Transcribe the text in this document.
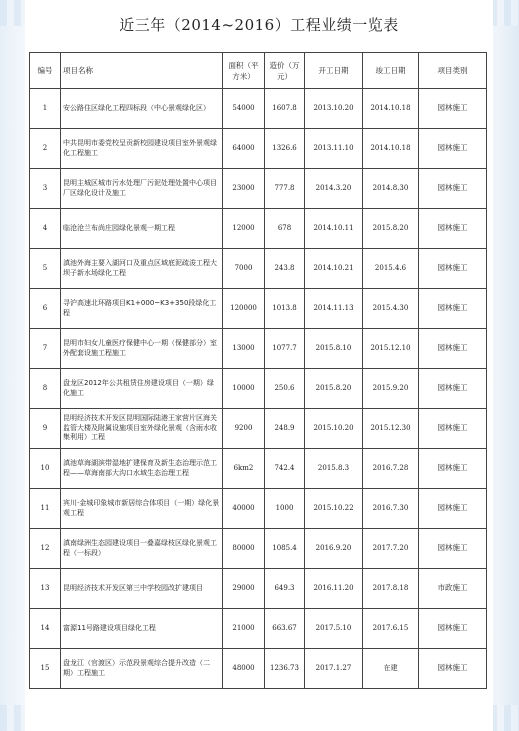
近三年（2014~2016）工程业绩一览表
编号	项目名称	面积（平方米）	造价（万元）	开工日期	竣工日期	项目类别
1	安公路住区绿化工程四标段（中心景观绿化区）	54000	1607.8	2013.10.20	2014.10.18	园林施工
2	中共昆明市委党校呈贡新校园建设项目室外景观绿化工程施工	64000	1326.6	2013.11.10	2014.10.18	园林施工
3	昆明主城区城市污水处理厂污泥处理处置中心项目厂区绿化设计及施工	23000	777.8	2014.3.20	2014.8.30	园林施工
4	临沧沧兰布尚庄园绿化景观一期工程	12000	678	2014.10.11	2015.8.20	园林施工
5	滇池外海主要入湖河口及重点区域底泥疏浚工程大坝子新水场绿化工程	7000	243.8	2014.10.21	2015.4.6	园林施工
6	寻沪高速北环路项目K1+000~K3+350段绿化工程	120000	1013.8	2014.11.13	2015.4.30	园林施工
7	昆明市妇女儿童医疗保健中心一期（保健部分）室外配套设施工程施工	13000	1077.7	2015.8.10	2015.12.10	园林施工
8	盘龙区2012年公共租赁住房建设项目（一期）绿化施工	10000	250.6	2015.8.20	2015.9.20	园林施工
9	昆明经济技术开发区昆明国际陆港王家营片区海关监管大楼及附属设施项目室外绿化景观（含雨水收集利用）工程	9200	248.9	2015.10.20	2015.12.30	园林施工
10	滇池草海湖滨带湿地扩建保育及新生态治理示范工程——草海南部大沟口水域生态治理工程	6km2	742.4	2015.8.3	2016.7.28	园林施工
11	宾川·金城印象城市新居综合体项目（一期）绿化景观工程	40000	1000	2015.10.22	2016.7.30	园林施工
12	滇南绿洲生态园建设项目一叠嘉绿枝区绿化景观工程（一标段）	80000	1085.4	2016.9.20	2017.7.20	园林施工
13	昆明经济技术开发区第三中学校园改扩建项目	29000	649.3	2016.11.20	2017.8.18	市政施工
14	富源11号路建设项目绿化工程	21000	663.67	2017.5.10	2017.6.15	园林施工
15	盘龙江（官渡区）示范段景观综合提升改造（二期）工程施工	48000	1236.73	2017.1.27	在建	园林施工
